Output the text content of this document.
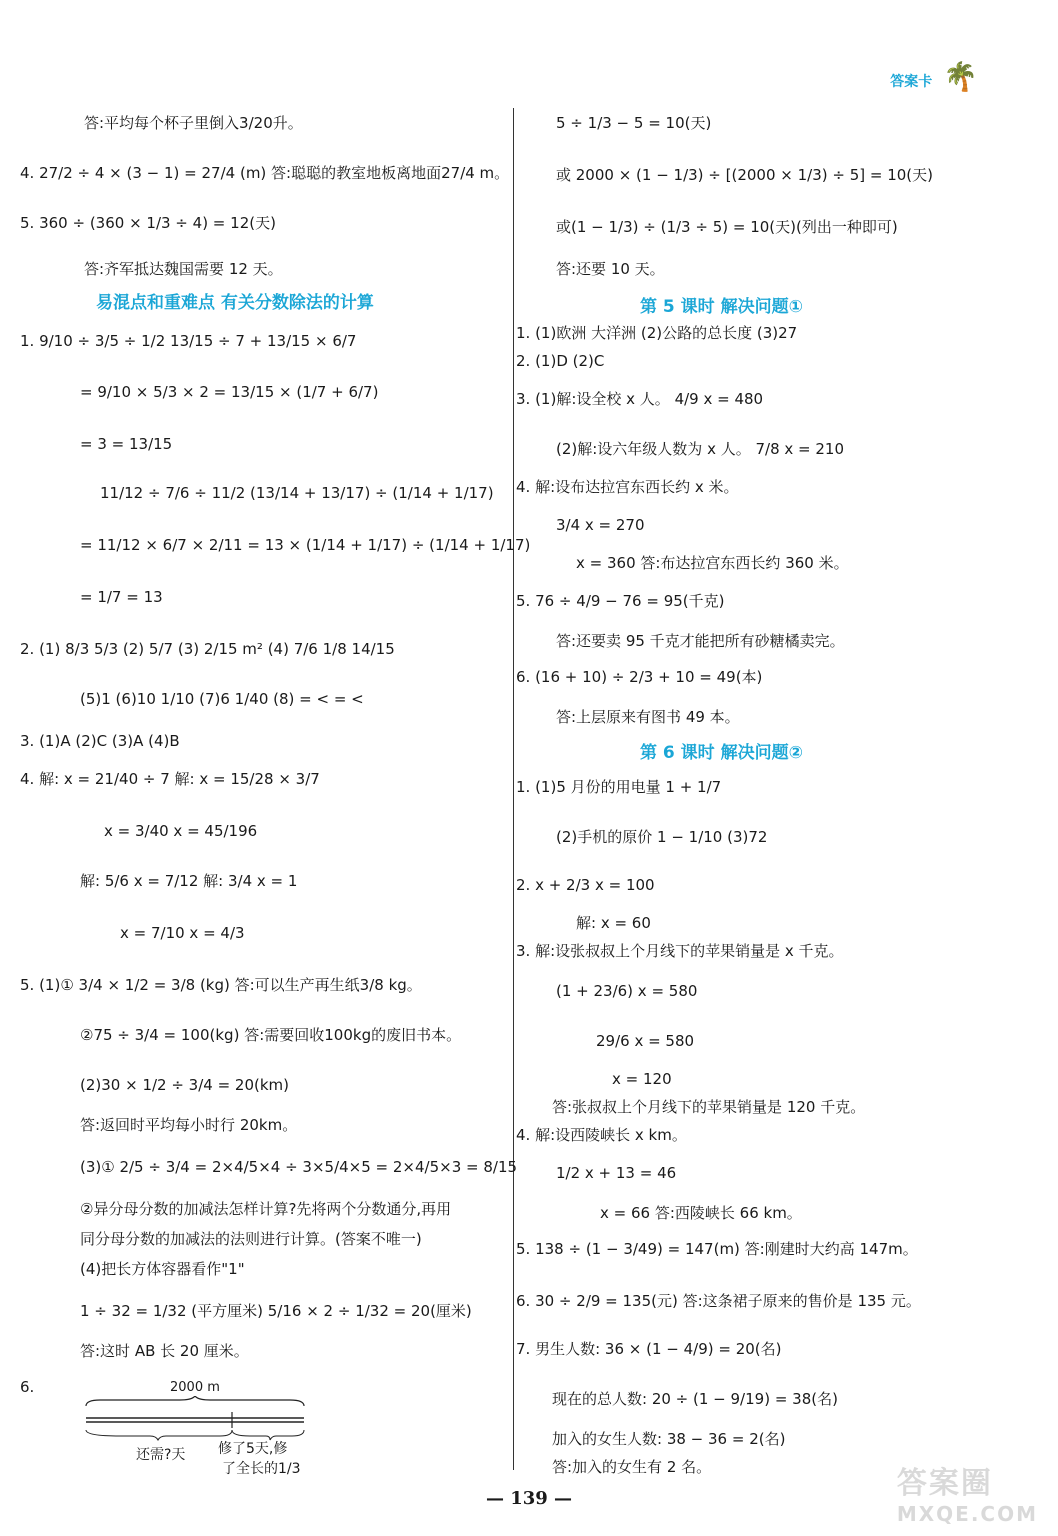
答案卡 🌴
答:平均每个杯子里倒入3/20升。
4. 27/2 ÷ 4 × (3 − 1) = 27/4 (m) 答:聪聪的教室地板离地面27/4 m。
5. 360 ÷ (360 × 1/3 ÷ 4) = 12(天)
答:齐军抵达魏国需要 12 天。
1. 9/10 ÷ 3/5 ÷ 1/2 13/15 ÷ 7 + 13/15 × 6/7
= 9/10 × 5/3 × 2 = 13/15 × (1/7 + 6/7)
= 3 = 13/15
11/12 ÷ 7/6 ÷ 11/2 (13/14 + 13/17) ÷ (1/14 + 1/17)
= 11/12 × 6/7 × 2/11 = 13 × (1/14 + 1/17) ÷ (1/14 + 1/17)
= 1/7 = 13
2. (1) 8/3 5/3 (2) 5/7 (3) 2/15 m² (4) 7/6 1/8 14/15
(5)1 (6)10 1/10 (7)6 1/40 (8) = < = <
3. (1)A (2)C (3)A (4)B
4. 解: x = 21/40 ÷ 7 解: x = 15/28 × 3/7
x = 3/40 x = 45/196
解: 5/6 x = 7/12 解: 3/4 x = 1
x = 7/10 x = 4/3
5. (1)① 3/4 × 1/2 = 3/8 (kg) 答:可以生产再生纸3/8 kg。
②75 ÷ 3/4 = 100(kg) 答:需要回收100kg的废旧书本。
(2)30 × 1/2 ÷ 3/4 = 20(km)
答:返回时平均每小时行 20km。
(3)① 2/5 ÷ 3/4 = 2×4/5×4 ÷ 3×5/4×5 = 2×4/5×3 = 8/15
②异分母分数的加减法怎样计算?先将两个分数通分,再用
同分母分数的加减法的法则进行计算。(答案不唯一)
(4)把长方体容器看作"1"
1 ÷ 32 = 1/32 (平方厘米) 5/16 × 2 ÷ 1/32 = 20(厘米)
答:这时 AB 长 20 厘米。
6.
易混点和重难点 有关分数除法的计算
5 ÷ 1/3 − 5 = 10(天)
或 2000 × (1 − 1/3) ÷ [(2000 × 1/3) ÷ 5] = 10(天)
或(1 − 1/3) ÷ (1/3 ÷ 5) = 10(天)(列出一种即可)
答:还要 10 天。
1. (1)欧洲 大洋洲 (2)公路的总长度 (3)27
2. (1)D (2)C
3. (1)解:设全校 x 人。 4/9 x = 480
(2)解:设六年级人数为 x 人。 7/8 x = 210
4. 解:设布达拉宫东西长约 x 米。
3/4 x = 270
x = 360 答:布达拉宫东西长约 360 米。
5. 76 ÷ 4/9 − 76 = 95(千克)
答:还要卖 95 千克才能把所有砂糖橘卖完。
6. (16 + 10) ÷ 2/3 + 10 = 49(本)
答:上层原来有图书 49 本。
1. (1)5 月份的用电量 1 + 1/7
(2)手机的原价 1 − 1/10 (3)72
2. x + 2/3 x = 100
解: x = 60
3. 解:设张叔叔上个月线下的苹果销量是 x 千克。
(1 + 23/6) x = 580
29/6 x = 580
x = 120
答:张叔叔上个月线下的苹果销量是 120 千克。
4. 解:设西陵峡长 x km。
1/2 x + 13 = 46
x = 66 答:西陵峡长 66 km。
5. 138 ÷ (1 − 3/49) = 147(m) 答:刚建时大约高 147m。
6. 30 ÷ 2/9 = 135(元) 答:这条裙子原来的售价是 135 元。
7. 男生人数: 36 × (1 − 4/9) = 20(名)
现在的总人数: 20 ÷ (1 − 9/19) = 38(名)
加入的女生人数: 38 − 36 = 2(名)
答:加入的女生有 2 名。
第 5 课时 解决问题①
第 6 课时 解决问题②
2000 m
还需?天 修了5天,修
了全长的1/3
— 139 —	答案圈
MXQE.COM
